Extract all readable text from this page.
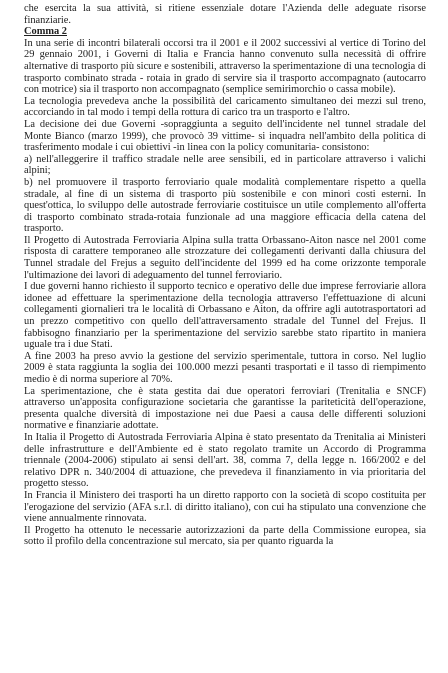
che esercita la sua attività, si ritiene essenziale dotare l'Azienda delle adeguate risorse finanziarie.

Comma 2

In una serie di incontri bilaterali occorsi tra il 2001 e il 2002 successivi al vertice di Torino del 29 gennaio 2001, i Governi di Italia e Francia hanno convenuto sulla necessità di offrire alternative di trasporto più sicure e sostenibili, attraverso la sperimentazione di una tecnologia di trasporto combinato strada - rotaia in grado di servire sia il trasporto accompagnato (autocarro con motrice) sia il trasporto non accompagnato (semplice semirimorchio o cassa mobile).

La tecnologia prevedeva anche la possibilità del caricamento simultaneo dei mezzi sul treno, accorciando in tal modo i tempi della rottura di carico tra un trasporto e l'altro.

La decisione dei due Governi -sopraggiunta a seguito dell'incidente nel tunnel stradale del Monte Bianco (marzo 1999), che provocò 39 vittime- si inquadra nell'ambito della politica di trasferimento modale i cui obiettivi -in linea con la policy comunitaria- consistono:

a) nell'alleggerire il traffico stradale nelle aree sensibili, ed in particolare attraverso i valichi alpini;

b) nel promuovere il trasporto ferroviario quale modalità complementare rispetto a quella stradale, al fine di un sistema di trasporto più sostenibile e con minori costi esterni. In quest'ottica, lo sviluppo delle autostrade ferroviarie costituisce un utile complemento all'offerta di trasporto combinato strada-rotaia funzionale ad una maggiore efficacia della catena del trasporto.

Il Progetto di Autostrada Ferroviaria Alpina sulla tratta Orbassano-Aiton nasce nel 2001 come risposta di carattere temporaneo alle strozzature dei collegamenti derivanti dalla chiusura del Tunnel stradale del Frejus a seguito dell'incidente del 1999 ed ha come orizzonte temporale l'ultimazione dei lavori di adeguamento del tunnel ferroviario.

I due governi hanno richiesto il supporto tecnico e operativo delle due imprese ferroviarie allora idonee ad effettuare la sperimentazione della tecnologia attraverso l'effettuazione di alcuni collegamenti giornalieri tra le località di Orbassano e Aiton, da offrire agli autotrasportatori ad un prezzo competitivo con quello dell'attraversamento stradale del Tunnel del Frejus. Il fabbisogno finanziario per la sperimentazione del servizio sarebbe stato ripartito in maniera uguale tra i due Stati.

A fine 2003 ha preso avvio la gestione del servizio sperimentale, tuttora in corso. Nel luglio 2009 è stata raggiunta la soglia dei 100.000 mezzi pesanti trasportati e il tasso di riempimento medio è di norma superiore al 70%.

La sperimentazione, che è stata gestita dai due operatori ferroviari (Trenitalia e SNCF) attraverso un'apposita configurazione societaria che garantisse la pariteticità dell'operazione, presenta qualche diversità di impostazione nei due Paesi a causa delle differenti soluzioni normative e finanziarie adottate.

In Italia il Progetto di Autostrada Ferroviaria Alpina è stato presentato da Trenitalia ai Ministeri delle infrastrutture e dell'Ambiente ed è stato regolato tramite un Accordo di Programma triennale (2004-2006) stipulato ai sensi dell'art. 38, comma 7, della legge n. 166/2002 e del relativo DPR n. 340/2004 di attuazione, che prevedeva il finanziamento in via prioritaria del progetto stesso.

In Francia il Ministero dei trasporti ha un diretto rapporto con la società di scopo costituita per l'erogazione del servizio (AFA s.r.l. di diritto italiano), con cui ha stipulato una convenzione che viene annualmente rinnovata.

Il Progetto ha ottenuto le necessarie autorizzazioni da parte della Commissione europea, sia sotto il profilo della concentrazione sul mercato, sia per quanto riguarda la
